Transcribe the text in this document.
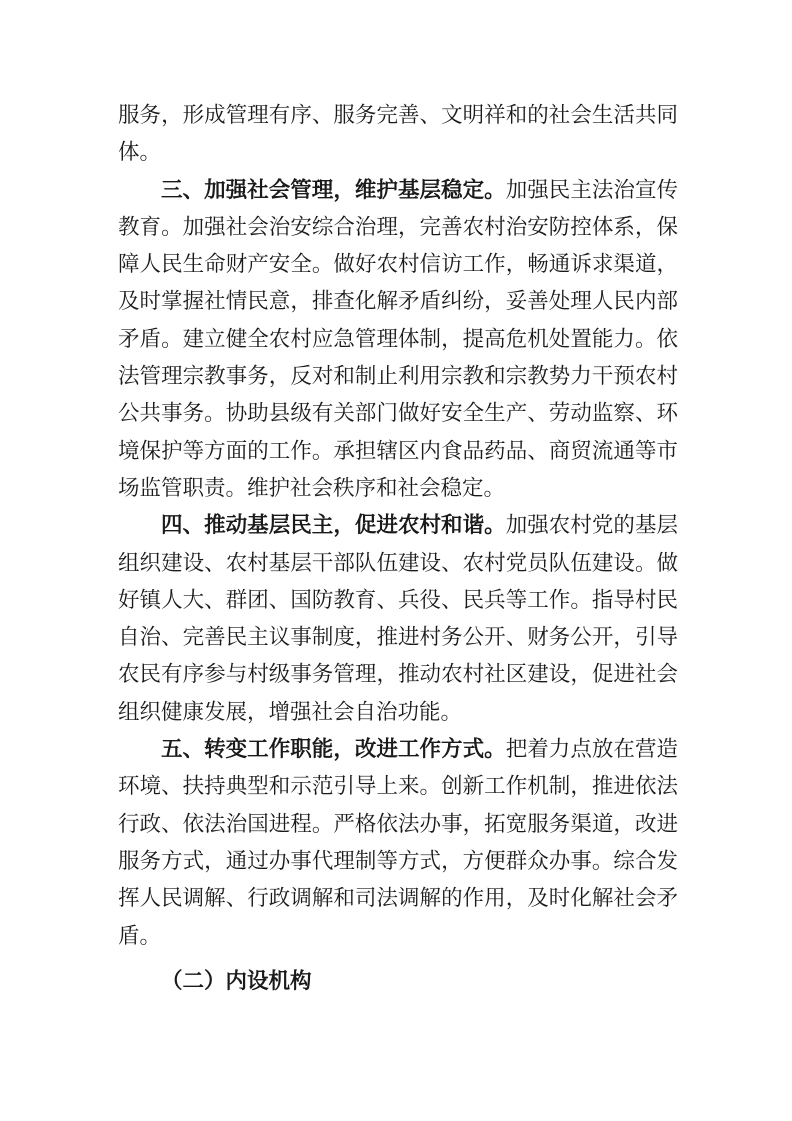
服务，形成管理有序、服务完善、文明祥和的社会生活共同体。

三、加强社会管理，维护基层稳定。加强民主法治宣传教育。加强社会治安综合治理，完善农村治安防控体系，保障人民生命财产安全。做好农村信访工作，畅通诉求渠道，及时掌握社情民意，排查化解矛盾纠纷，妥善处理人民内部矛盾。建立健全农村应急管理体制，提高危机处置能力。依法管理宗教事务，反对和制止利用宗教和宗教势力干预农村公共事务。协助县级有关部门做好安全生产、劳动监察、环境保护等方面的工作。承担辖区内食品药品、商贸流通等市场监管职责。维护社会秩序和社会稳定。

四、推动基层民主，促进农村和谐。加强农村党的基层组织建设、农村基层干部队伍建设、农村党员队伍建设。做好镇人大、群团、国防教育、兵役、民兵等工作。指导村民自治、完善民主议事制度，推进村务公开、财务公开，引导农民有序参与村级事务管理，推动农村社区建设，促进社会组织健康发展，增强社会自治功能。

五、转变工作职能，改进工作方式。把着力点放在营造环境、扶持典型和示范引导上来。创新工作机制，推进依法行政、依法治国进程。严格依法办事，拓宽服务渠道，改进服务方式，通过办事代理制等方式，方便群众办事。综合发挥人民调解、行政调解和司法调解的作用，及时化解社会矛盾。

（二）内设机构
